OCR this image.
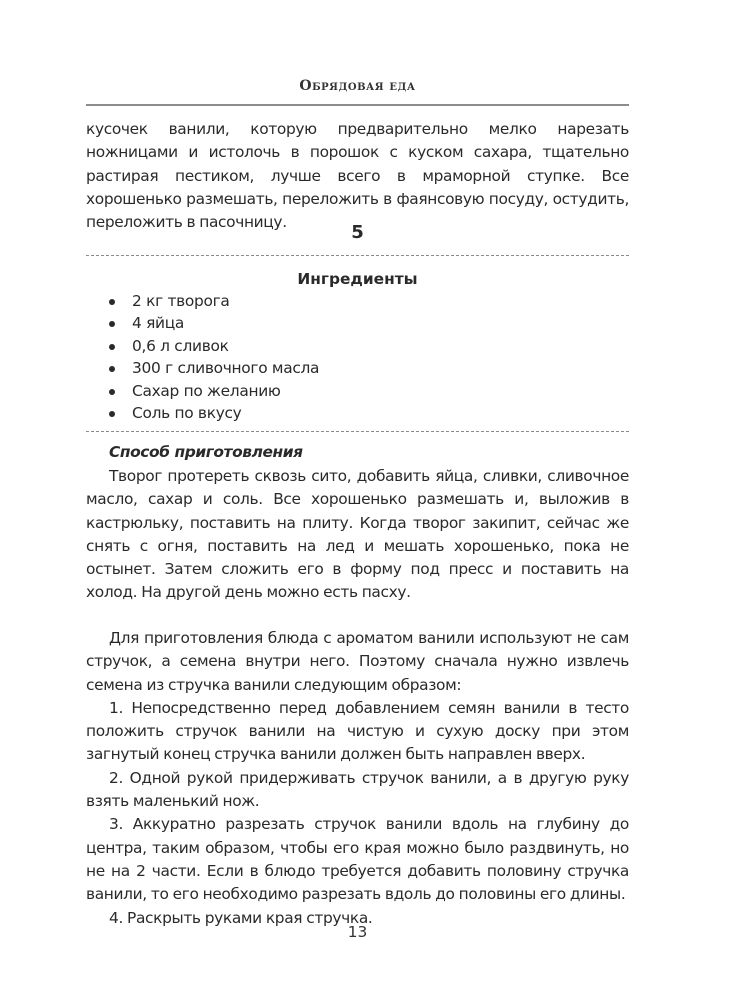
Обрядовая еда

кусочек ванили, которую предварительно мелко нарезать ножницами и истолочь в порошок с куском сахара, тщательно растирая пестиком, лучше всего в мраморной ступке. Все хорошенько размешать, переложить в фаянсовую посуду, остудить, переложить в пасочницу.	5
Ингредиенты
2 кг творога
4 яйца
0,6 л сливок
300 г сливочного масла
Сахар по желанию
Соль по вкусу
Способ приготовления

Творог протереть сквозь сито, добавить яйца, сливки, сливочное масло, сахар и соль. Все хорошенько размешать и, выложив в кастрюльку, поставить на плиту. Когда творог закипит, сейчас же снять с огня, поставить на лед и мешать хорошенько, пока не остынет. Затем сложить его в форму под пресс и поставить на холод. На другой день можно есть пасху.

Для приготовления блюда с ароматом ванили используют не сам стручок, а семена внутри него. Поэтому сначала нужно извлечь семена из стручка ванили следующим образом:

1. Непосредственно перед добавлением семян ванили в тесто положить стручок ванили на чистую и сухую доску при этом загнутый конец стручка ванили должен быть направлен вверх.

2. Одной рукой придерживать стручок ванили, а в другую руку взять маленький нож.

3. Аккуратно разрезать стручок ванили вдоль на глубину до центра, таким образом, чтобы его края можно было раздвинуть, но не на 2 части. Если в блюдо требуется добавить половину стручка ванили, то его необходимо разрезать вдоль до половины его длины.

4. Раскрыть руками края стручка.

13
